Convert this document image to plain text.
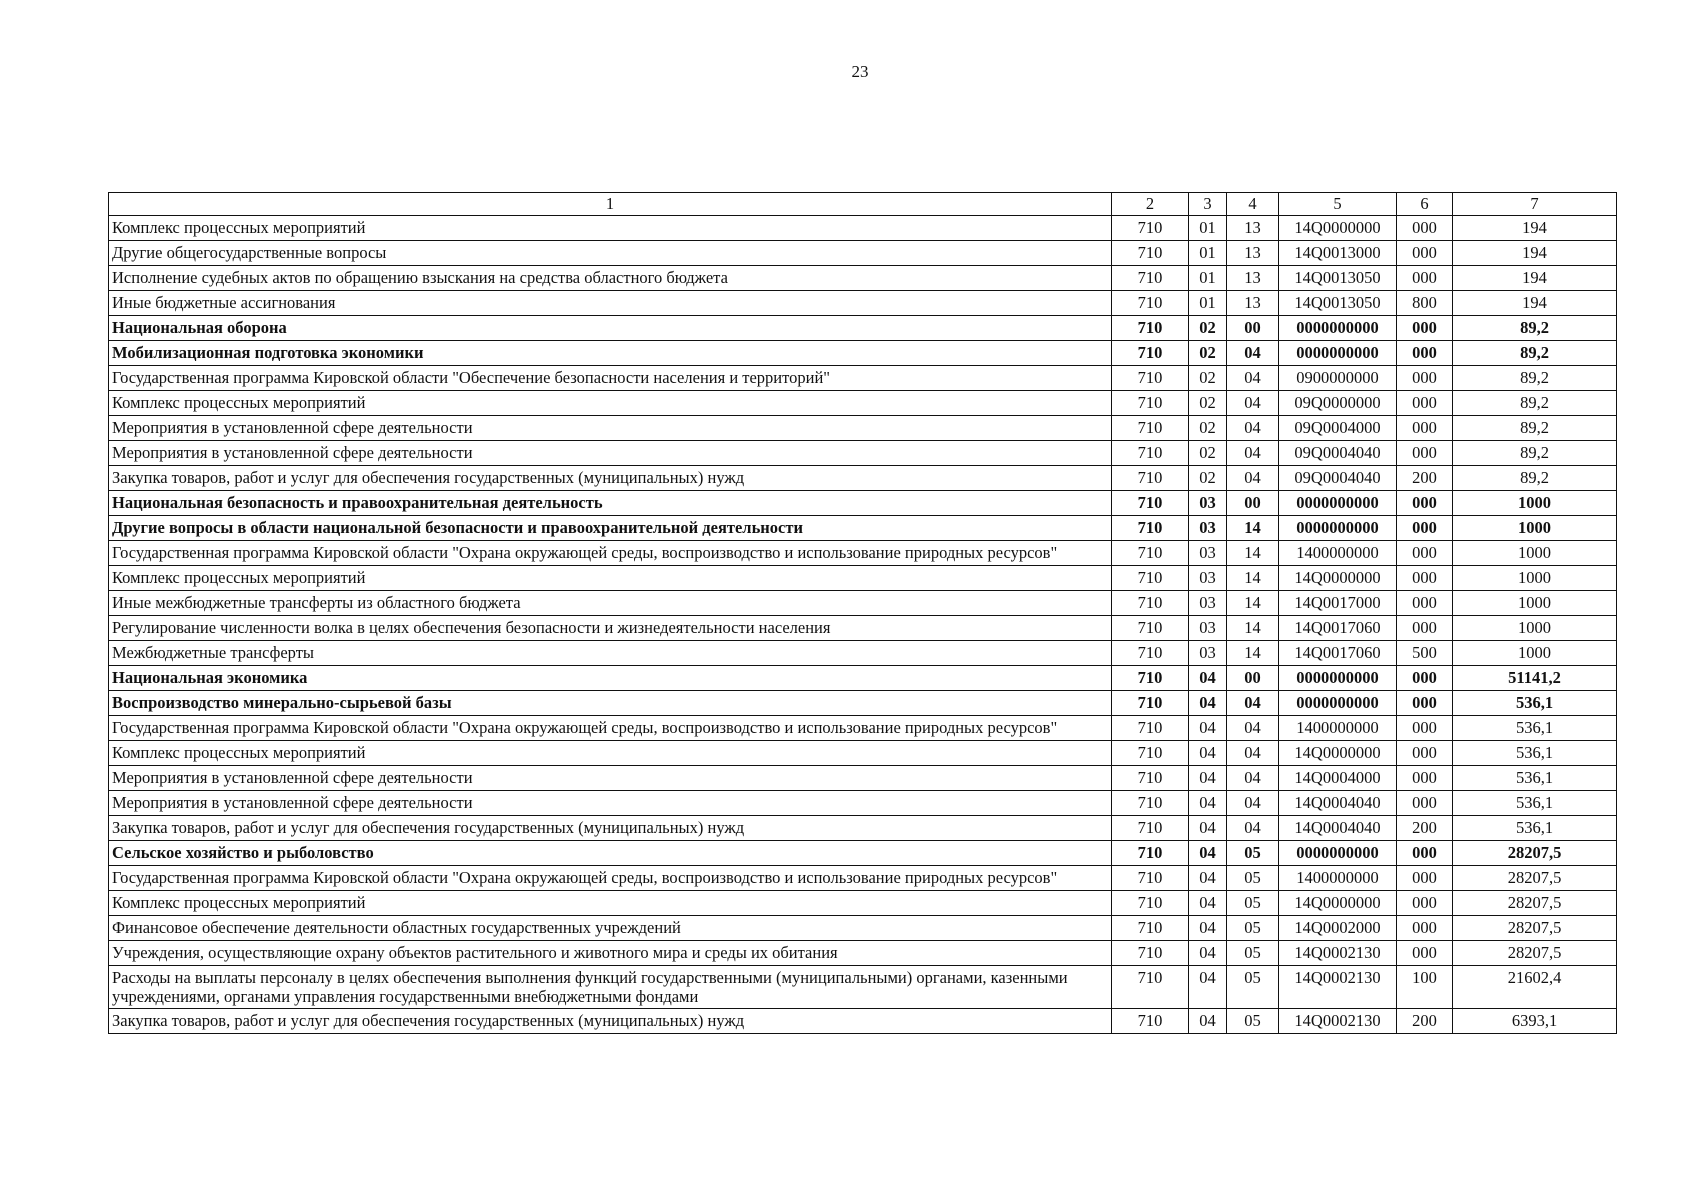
23
1	2	3	4	5	6	7
Комплекс процессных мероприятий	710	01	13	14Q0000000	000	194
Другие общегосударственные вопросы	710	01	13	14Q0013000	000	194
Исполнение судебных актов по обращению взыскания на средства областного бюджета	710	01	13	14Q0013050	000	194
Иные бюджетные ассигнования	710	01	13	14Q0013050	800	194
Национальная оборона	710	02	00	0000000000	000	89,2
Мобилизационная подготовка экономики	710	02	04	0000000000	000	89,2
Государственная программа Кировской области "Обеспечение безопасности населения и территорий"	710	02	04	0900000000	000	89,2
Комплекс процессных мероприятий	710	02	04	09Q0000000	000	89,2
Мероприятия в установленной сфере деятельности	710	02	04	09Q0004000	000	89,2
Мероприятия в установленной сфере деятельности	710	02	04	09Q0004040	000	89,2
Закупка товаров, работ и услуг для обеспечения государственных (муниципальных) нужд	710	02	04	09Q0004040	200	89,2
Национальная безопасность и правоохранительная деятельность	710	03	00	0000000000	000	1000
Другие вопросы в области национальной безопасности и правоохранительной деятельности	710	03	14	0000000000	000	1000
Государственная программа Кировской области "Охрана окружающей среды, воспроизводство и использование природных ресурсов"	710	03	14	1400000000	000	1000
Комплекс процессных мероприятий	710	03	14	14Q0000000	000	1000
Иные межбюджетные трансферты из областного бюджета	710	03	14	14Q0017000	000	1000
Регулирование численности волка в целях обеспечения безопасности и жизнедеятельности населения	710	03	14	14Q0017060	000	1000
Межбюджетные трансферты	710	03	14	14Q0017060	500	1000
Национальная экономика	710	04	00	0000000000	000	51141,2
Воспроизводство минерально-сырьевой базы	710	04	04	0000000000	000	536,1
Государственная программа Кировской области "Охрана окружающей среды, воспроизводство и использование природных ресурсов"	710	04	04	1400000000	000	536,1
Комплекс процессных мероприятий	710	04	04	14Q0000000	000	536,1
Мероприятия в установленной сфере деятельности	710	04	04	14Q0004000	000	536,1
Мероприятия в установленной сфере деятельности	710	04	04	14Q0004040	000	536,1
Закупка товаров, работ и услуг для обеспечения государственных (муниципальных) нужд	710	04	04	14Q0004040	200	536,1
Сельское хозяйство и рыболовство	710	04	05	0000000000	000	28207,5
Государственная программа Кировской области "Охрана окружающей среды, воспроизводство и использование природных ресурсов"	710	04	05	1400000000	000	28207,5
Комплекс процессных мероприятий	710	04	05	14Q0000000	000	28207,5
Финансовое обеспечение деятельности областных государственных учреждений	710	04	05	14Q0002000	000	28207,5
Учреждения, осуществляющие охрану объектов растительного и животного мира и среды их обитания	710	04	05	14Q0002130	000	28207,5
Расходы на выплаты персоналу в целях обеспечения выполнения функций государственными (муниципальными) органами, казенными учреждениями, органами управления государственными внебюджетными фондами	710	04	05	14Q0002130	100	21602,4
Закупка товаров, работ и услуг для обеспечения государственных (муниципальных) нужд	710	04	05	14Q0002130	200	6393,1
